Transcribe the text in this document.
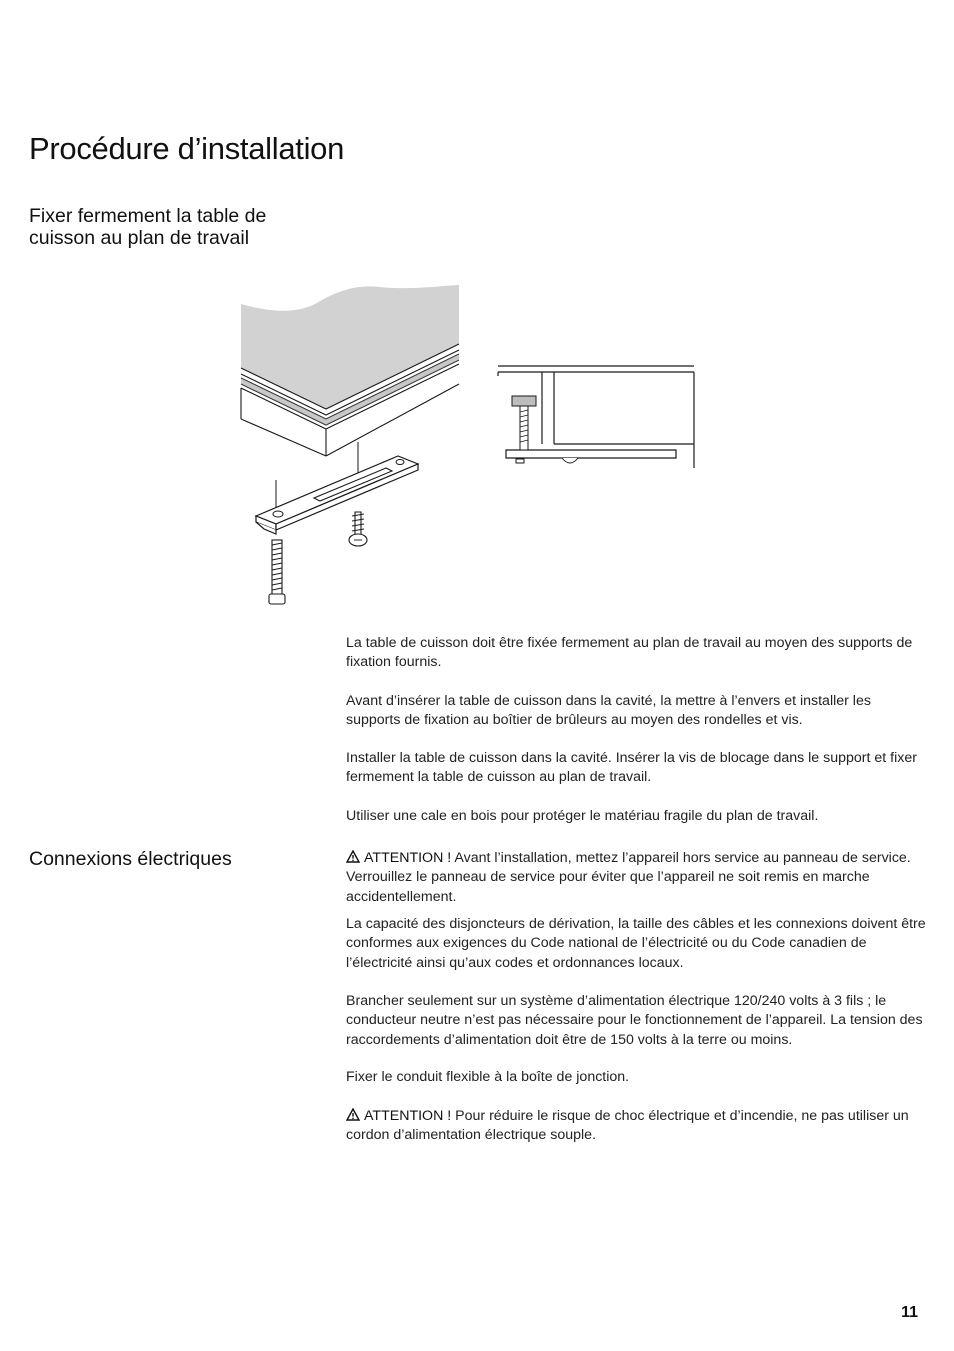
Procédure d’installation
Fixer fermement la table de cuisson au plan de travail

La table de cuisson doit être fixée fermement au plan de travail au moyen des supports de fixation fournis.

Avant d’insérer la table de cuisson dans la cavité, la mettre à l’envers et installer les supports de fixation au boîtier de brûleurs au moyen des rondelles et vis.

Installer la table de cuisson dans la cavité. Insérer la vis de blocage dans le support et fixer fermement la table de cuisson au plan de travail.

Utiliser une cale en bois pour protéger le matériau fragile du plan de travail.

Connexions électriques	ATTENTION ! Avant l’installation, mettez l’appareil hors service au panneau de service. Verrouillez le panneau de service pour éviter que l’appareil ne soit remis en marche accidentellement.

La capacité des disjoncteurs de dérivation, la taille des câbles et les connexions doivent être conformes aux exigences du Code national de l’électricité ou du Code canadien de l’électricité ainsi qu’aux codes et ordonnances locaux.

Brancher seulement sur un système d’alimentation électrique 120/240 volts à 3 fils ; le conducteur neutre n’est pas nécessaire pour le fonctionnement de l’appareil. La tension des raccordements d’alimentation doit être de 150 volts à la terre ou moins.

Fixer le conduit flexible à la boîte de jonction.

ATTENTION ! Pour réduire le risque de choc électrique et d’incendie, ne pas utiliser un cordon d’alimentation électrique souple.

11
